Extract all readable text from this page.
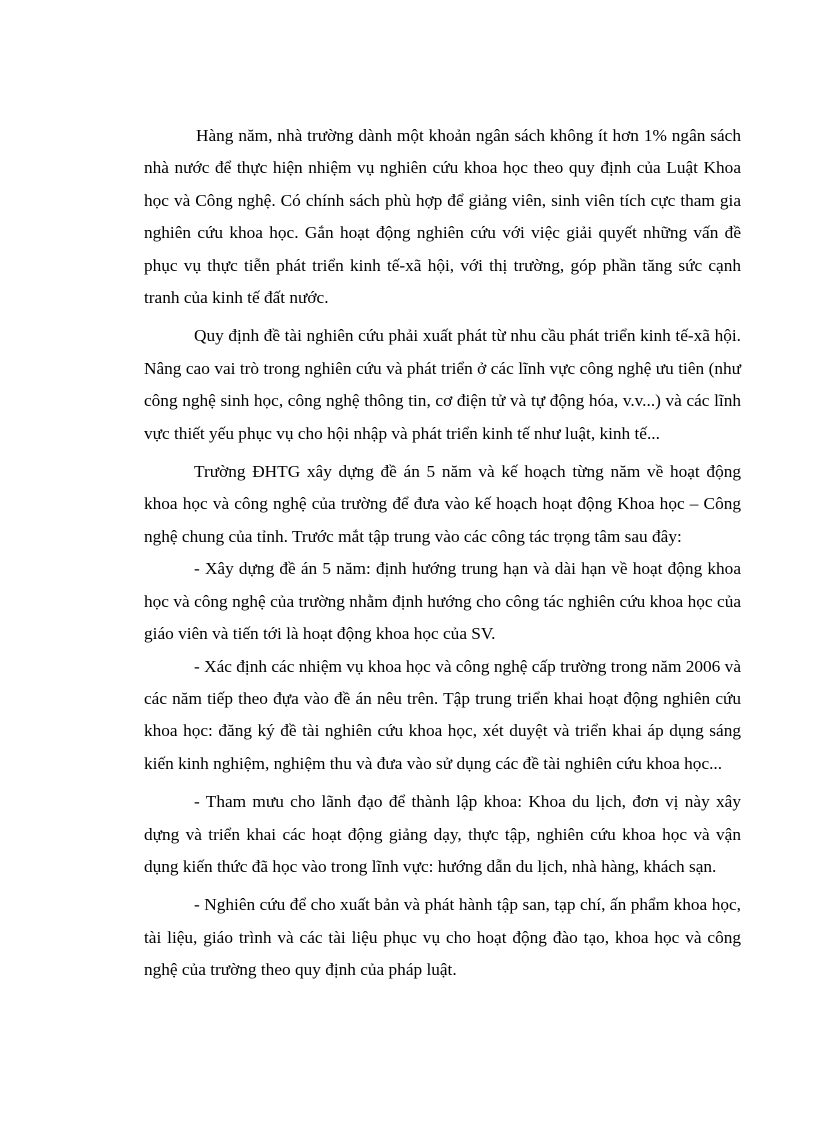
Hàng năm, nhà trường dành một khoản ngân sách không ít hơn 1% ngân sách nhà nước để thực hiện nhiệm vụ nghiên cứu khoa học theo quy định của Luật Khoa học và Công nghệ. Có chính sách phù hợp để giảng viên, sinh viên tích cực tham gia nghiên cứu khoa học. Gắn hoạt động nghiên cứu với việc giải quyết những vấn đề phục vụ thực tiễn phát triển kinh tế-xã hội, với thị trường, góp phần tăng sức cạnh tranh của kinh tế đất nước.

Quy định đề tài nghiên cứu phải xuất phát từ nhu cầu phát triển kinh tế-xã hội. Nâng cao vai trò trong nghiên cứu và phát triển ở các lĩnh vực công nghệ ưu tiên (như công nghệ sinh học, công nghệ thông tin, cơ điện tử và tự động hóa, v.v...) và các lĩnh vực thiết yếu phục vụ cho hội nhập và phát triển kinh tế như luật, kinh tế...

Trường ĐHTG xây dựng đề án 5 năm và kế hoạch từng năm về hoạt động khoa học và công nghệ của trường để đưa vào kế hoạch hoạt động Khoa học – Công nghệ chung của tỉnh. Trước mắt tập trung vào các công tác trọng tâm sau đây:

- Xây dựng đề án 5 năm: định hướng trung hạn và dài hạn về hoạt động khoa học và công nghệ của trường nhằm định hướng cho công tác nghiên cứu khoa học của giáo viên và tiến tới là hoạt động khoa học của SV.

- Xác định các nhiệm vụ khoa học và công nghệ cấp trường trong năm 2006 và các năm tiếp theo đựa vào đề án nêu trên. Tập trung triển khai hoạt động nghiên cứu khoa học: đăng ký đề tài nghiên cứu khoa học, xét duyệt và triển khai áp dụng sáng kiến kinh nghiệm, nghiệm thu và đưa vào sử dụng các đề tài nghiên cứu khoa học...

- Tham mưu cho lãnh đạo để thành lập khoa: Khoa du lịch, đơn vị này xây dựng và triển khai các hoạt động giảng dạy, thực tập, nghiên cứu khoa học và vận dụng kiến thức đã học vào trong lĩnh vực: hướng dẫn du lịch, nhà hàng, khách sạn.

- Nghiên cứu để cho xuất bản và phát hành tập san, tạp chí, ấn phẩm khoa học, tài liệu, giáo trình và các tài liệu phục vụ cho hoạt động đào tạo, khoa học và công nghệ của trường theo quy định của pháp luật.
